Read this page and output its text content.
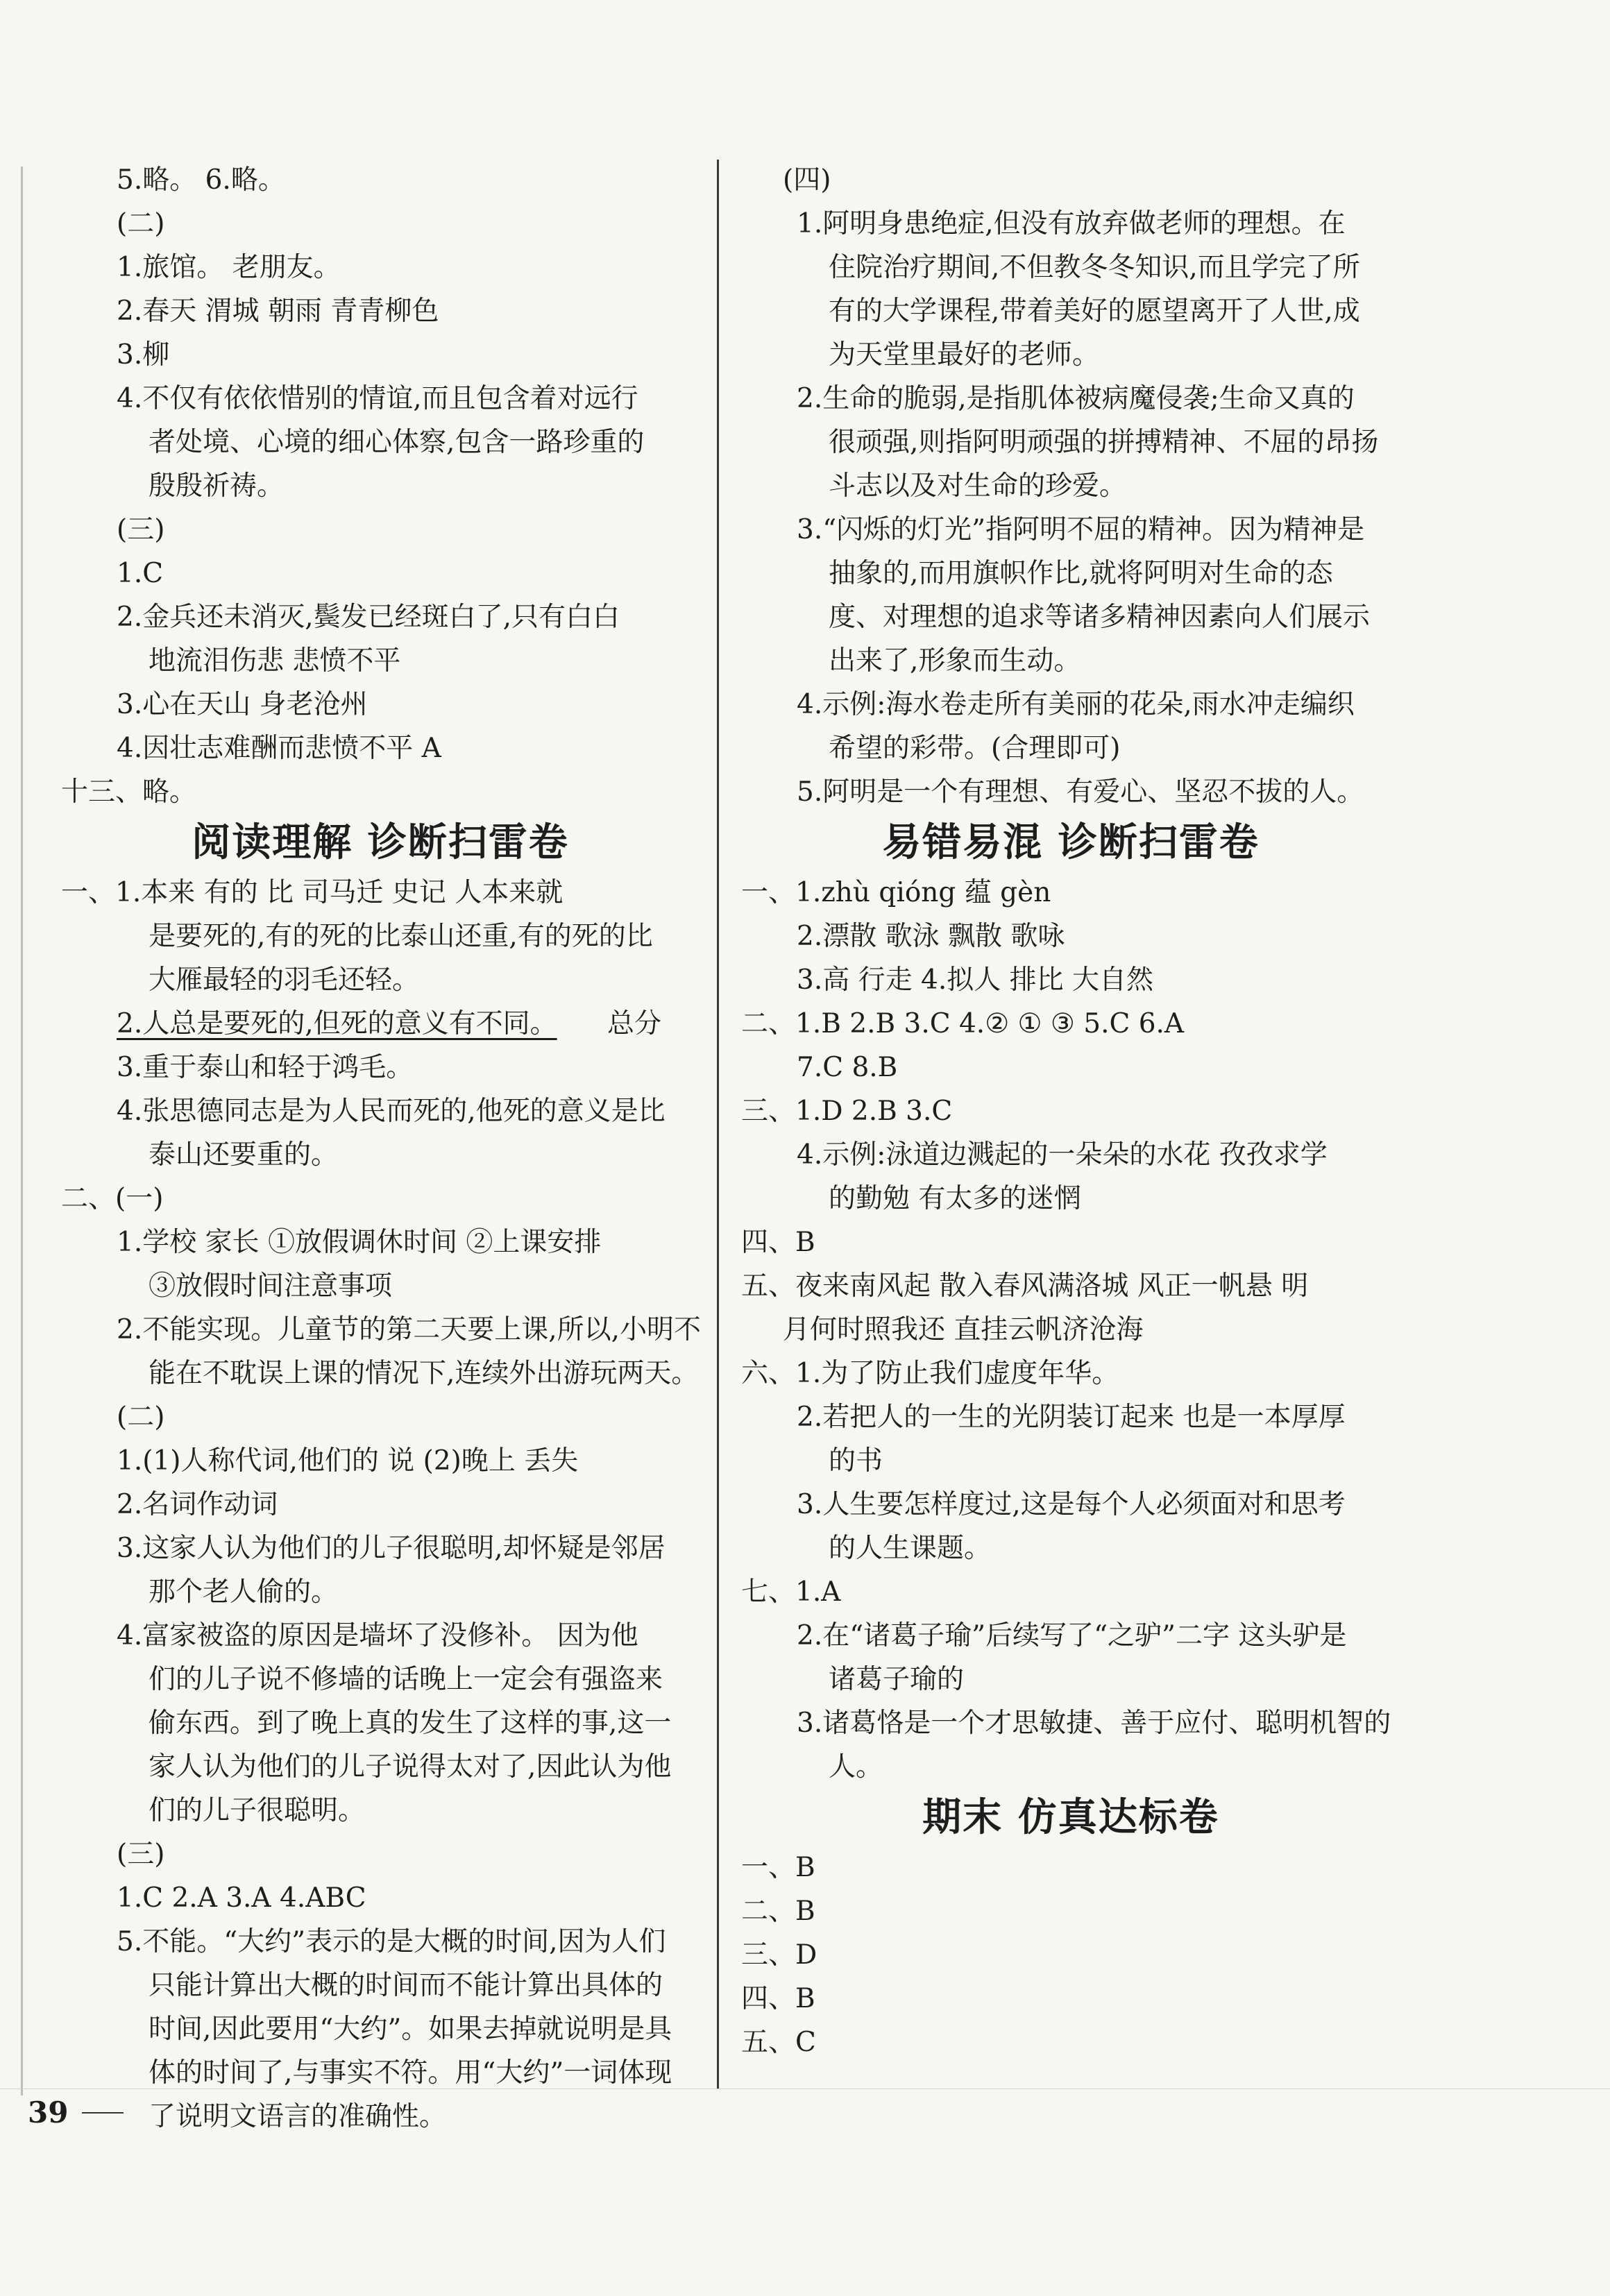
5.略。 6.略。
(二)
1.旅馆。 老朋友。
2.春天 渭城 朝雨 青青柳色
3.柳
4.不仅有依依惜别的情谊,而且包含着对远行
者处境、心境的细心体察,包含一路珍重的
殷殷祈祷。
(三)
1.C
2.金兵还未消灭,鬓发已经斑白了,只有白白
地流泪伤悲 悲愤不平
3.心在天山 身老沧州
4.因壮志难酬而悲愤不平 A
十三、略。
阅读理解 诊断扫雷卷
一、1.本来 有的 比 司马迁 史记 人本来就
是要死的,有的死的比泰山还重,有的死的比
大雁最轻的羽毛还轻。
2.人总是要死的,但死的意义有不同。 总分
3.重于泰山和轻于鸿毛。
4.张思德同志是为人民而死的,他死的意义是比
泰山还要重的。
二、(一)
1.学校 家长 ①放假调休时间 ②上课安排
③放假时间注意事项
2.不能实现。儿童节的第二天要上课,所以,小明不
能在不耽误上课的情况下,连续外出游玩两天。
(二)
1.(1)人称代词,他们的 说 (2)晚上 丢失
2.名词作动词
3.这家人认为他们的儿子很聪明,却怀疑是邻居
那个老人偷的。
4.富家被盗的原因是墙坏了没修补。 因为他
们的儿子说不修墙的话晚上一定会有强盗来
偷东西。到了晚上真的发生了这样的事,这一
家人认为他们的儿子说得太对了,因此认为他
们的儿子很聪明。
(三)
1.C 2.A 3.A 4.ABC
5.不能。“大约”表示的是大概的时间,因为人们
只能计算出大概的时间而不能计算出具体的
时间,因此要用“大约”。如果去掉就说明是具
体的时间了,与事实不符。用“大约”一词体现
了说明文语言的准确性。
(四)
1.阿明身患绝症,但没有放弃做老师的理想。在
住院治疗期间,不但教冬冬知识,而且学完了所
有的大学课程,带着美好的愿望离开了人世,成
为天堂里最好的老师。
2.生命的脆弱,是指肌体被病魔侵袭;生命又真的
很顽强,则指阿明顽强的拼搏精神、不屈的昂扬
斗志以及对生命的珍爱。
3.“闪烁的灯光”指阿明不屈的精神。因为精神是
抽象的,而用旗帜作比,就将阿明对生命的态
度、对理想的追求等诸多精神因素向人们展示
出来了,形象而生动。
4.示例:海水卷走所有美丽的花朵,雨水冲走编织
希望的彩带。(合理即可)
5.阿明是一个有理想、有爱心、坚忍不拔的人。
易错易混 诊断扫雷卷
一、1.zhù qióng 蕴 gèn
2.漂散 歌泳 飘散 歌咏
3.高 行走 4.拟人 排比 大自然
二、1.B 2.B 3.C 4.② ① ③ 5.C 6.A
7.C 8.B
三、1.D 2.B 3.C
4.示例:泳道边溅起的一朵朵的水花 孜孜求学
的勤勉 有太多的迷惘
四、B
五、夜来南风起 散入春风满洛城 风正一帆悬 明
月何时照我还 直挂云帆济沧海
六、1.为了防止我们虚度年华。
2.若把人的一生的光阴装订起来 也是一本厚厚
的书
3.人生要怎样度过,这是每个人必须面对和思考
的人生课题。
七、1.A
2.在“诸葛子瑜”后续写了“之驴”二字 这头驴是
诸葛子瑜的
3.诸葛恪是一个才思敏捷、善于应付、聪明机智的
人。
期末 仿真达标卷
一、B
二、B
三、D
四、B
五、C
39
